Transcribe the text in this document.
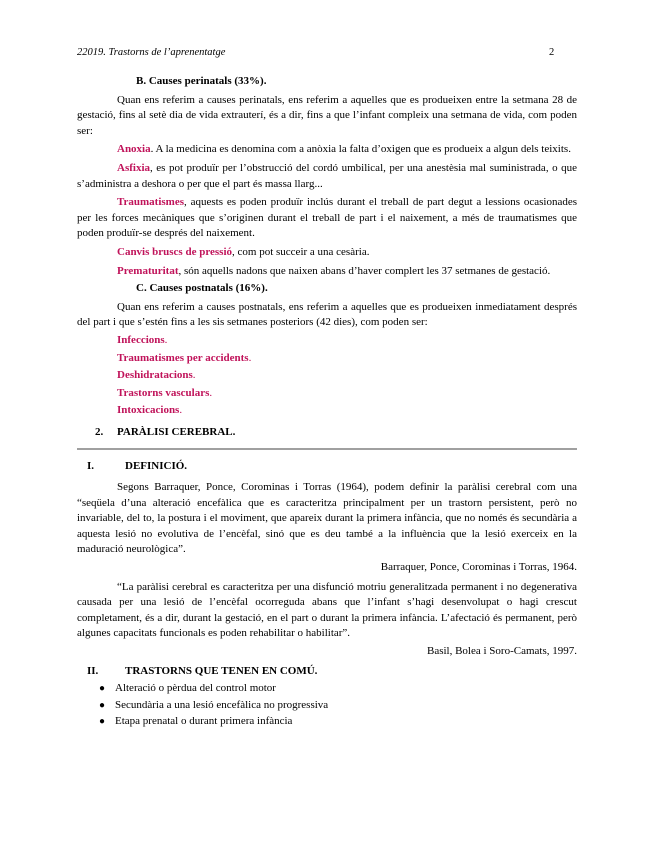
22019. Trastorns de l’aprenentatge	2

B. Causes perinatals (33%).

Quan ens referim a causes perinatals, ens referim a aquelles que es produeixen entre la setmana 28 de gestació, fins al setè dia de vida extrauterí, és a dir, fins a que l’infant compleix una setmana de vida, com poden ser:

Anoxia. A la medicina es denomina com a anòxia la falta d’oxigen que es produeix a algun dels teixits.

Asfixia, es pot produïr per l’obstrucció del cordó umbilical, per una anestèsia mal suministrada, o que s’administra a deshora o per que el part és massa llarg...

Traumatismes, aquests es poden produïr inclús durant el treball de part degut a lessions ocasionades per les forces mecàniques que s’originen durant el treball de part i el naixement, a més de traumatismes que poden produïr-se després del naixement.

Canvis bruscs de pressió, com pot succeir a una cesària.

Prematuritat, són aquells nadons que naixen abans d’haver complert les 37 setmanes de gestació.

C. Causes postnatals (16%).

Quan ens referim a causes postnatals, ens referim a aquelles que es produeixen inmediatament després del part i que s’estén fins a les sis setmanes posteriors (42 dies), com poden ser:

Infeccions.

Traumatismes per accidents.

Deshidratacions.

Trastorns vasculars.

Intoxicacions.

2. PARÀLISI CEREBRAL.

I.	DEFINICIÓ.

Segons Barraquer, Ponce, Corominas i Torras (1964), podem definir la paràlisi cerebral com una “seqüela d’una alteració encefàlica que es caracteritza principalment per un trastorn persistent, però no invariable, del to, la postura i el moviment, que apareix durant la primera infància, que no només és secundària a aquesta lesió no evolutiva de l’encèfal, sinó que es deu també a la influència que la lesió exerceix en la maduració neurològica”.

Barraquer, Ponce, Corominas i Torras, 1964.

“La paràlisi cerebral es caracteritza per una disfunció motriu generalitzada permanent i no degenerativa causada per una lesió de l’encèfal ocorreguda abans que l’infant s’hagi desenvolupat o hagi crescut completament, és a dir, durant la gestació, en el part o durant la primera infància. L’afectació és permanent, però algunes capacitats funcionals es poden rehabilitar o habilitar”.

Basil, Bolea i Soro-Camats, 1997.

II. TRASTORNS QUE TENEN EN COMÚ.

● Alteració o pèrdua del control motor
● Secundària a una lesió encefàlica no progressiva
● Etapa prenatal o durant primera infància
